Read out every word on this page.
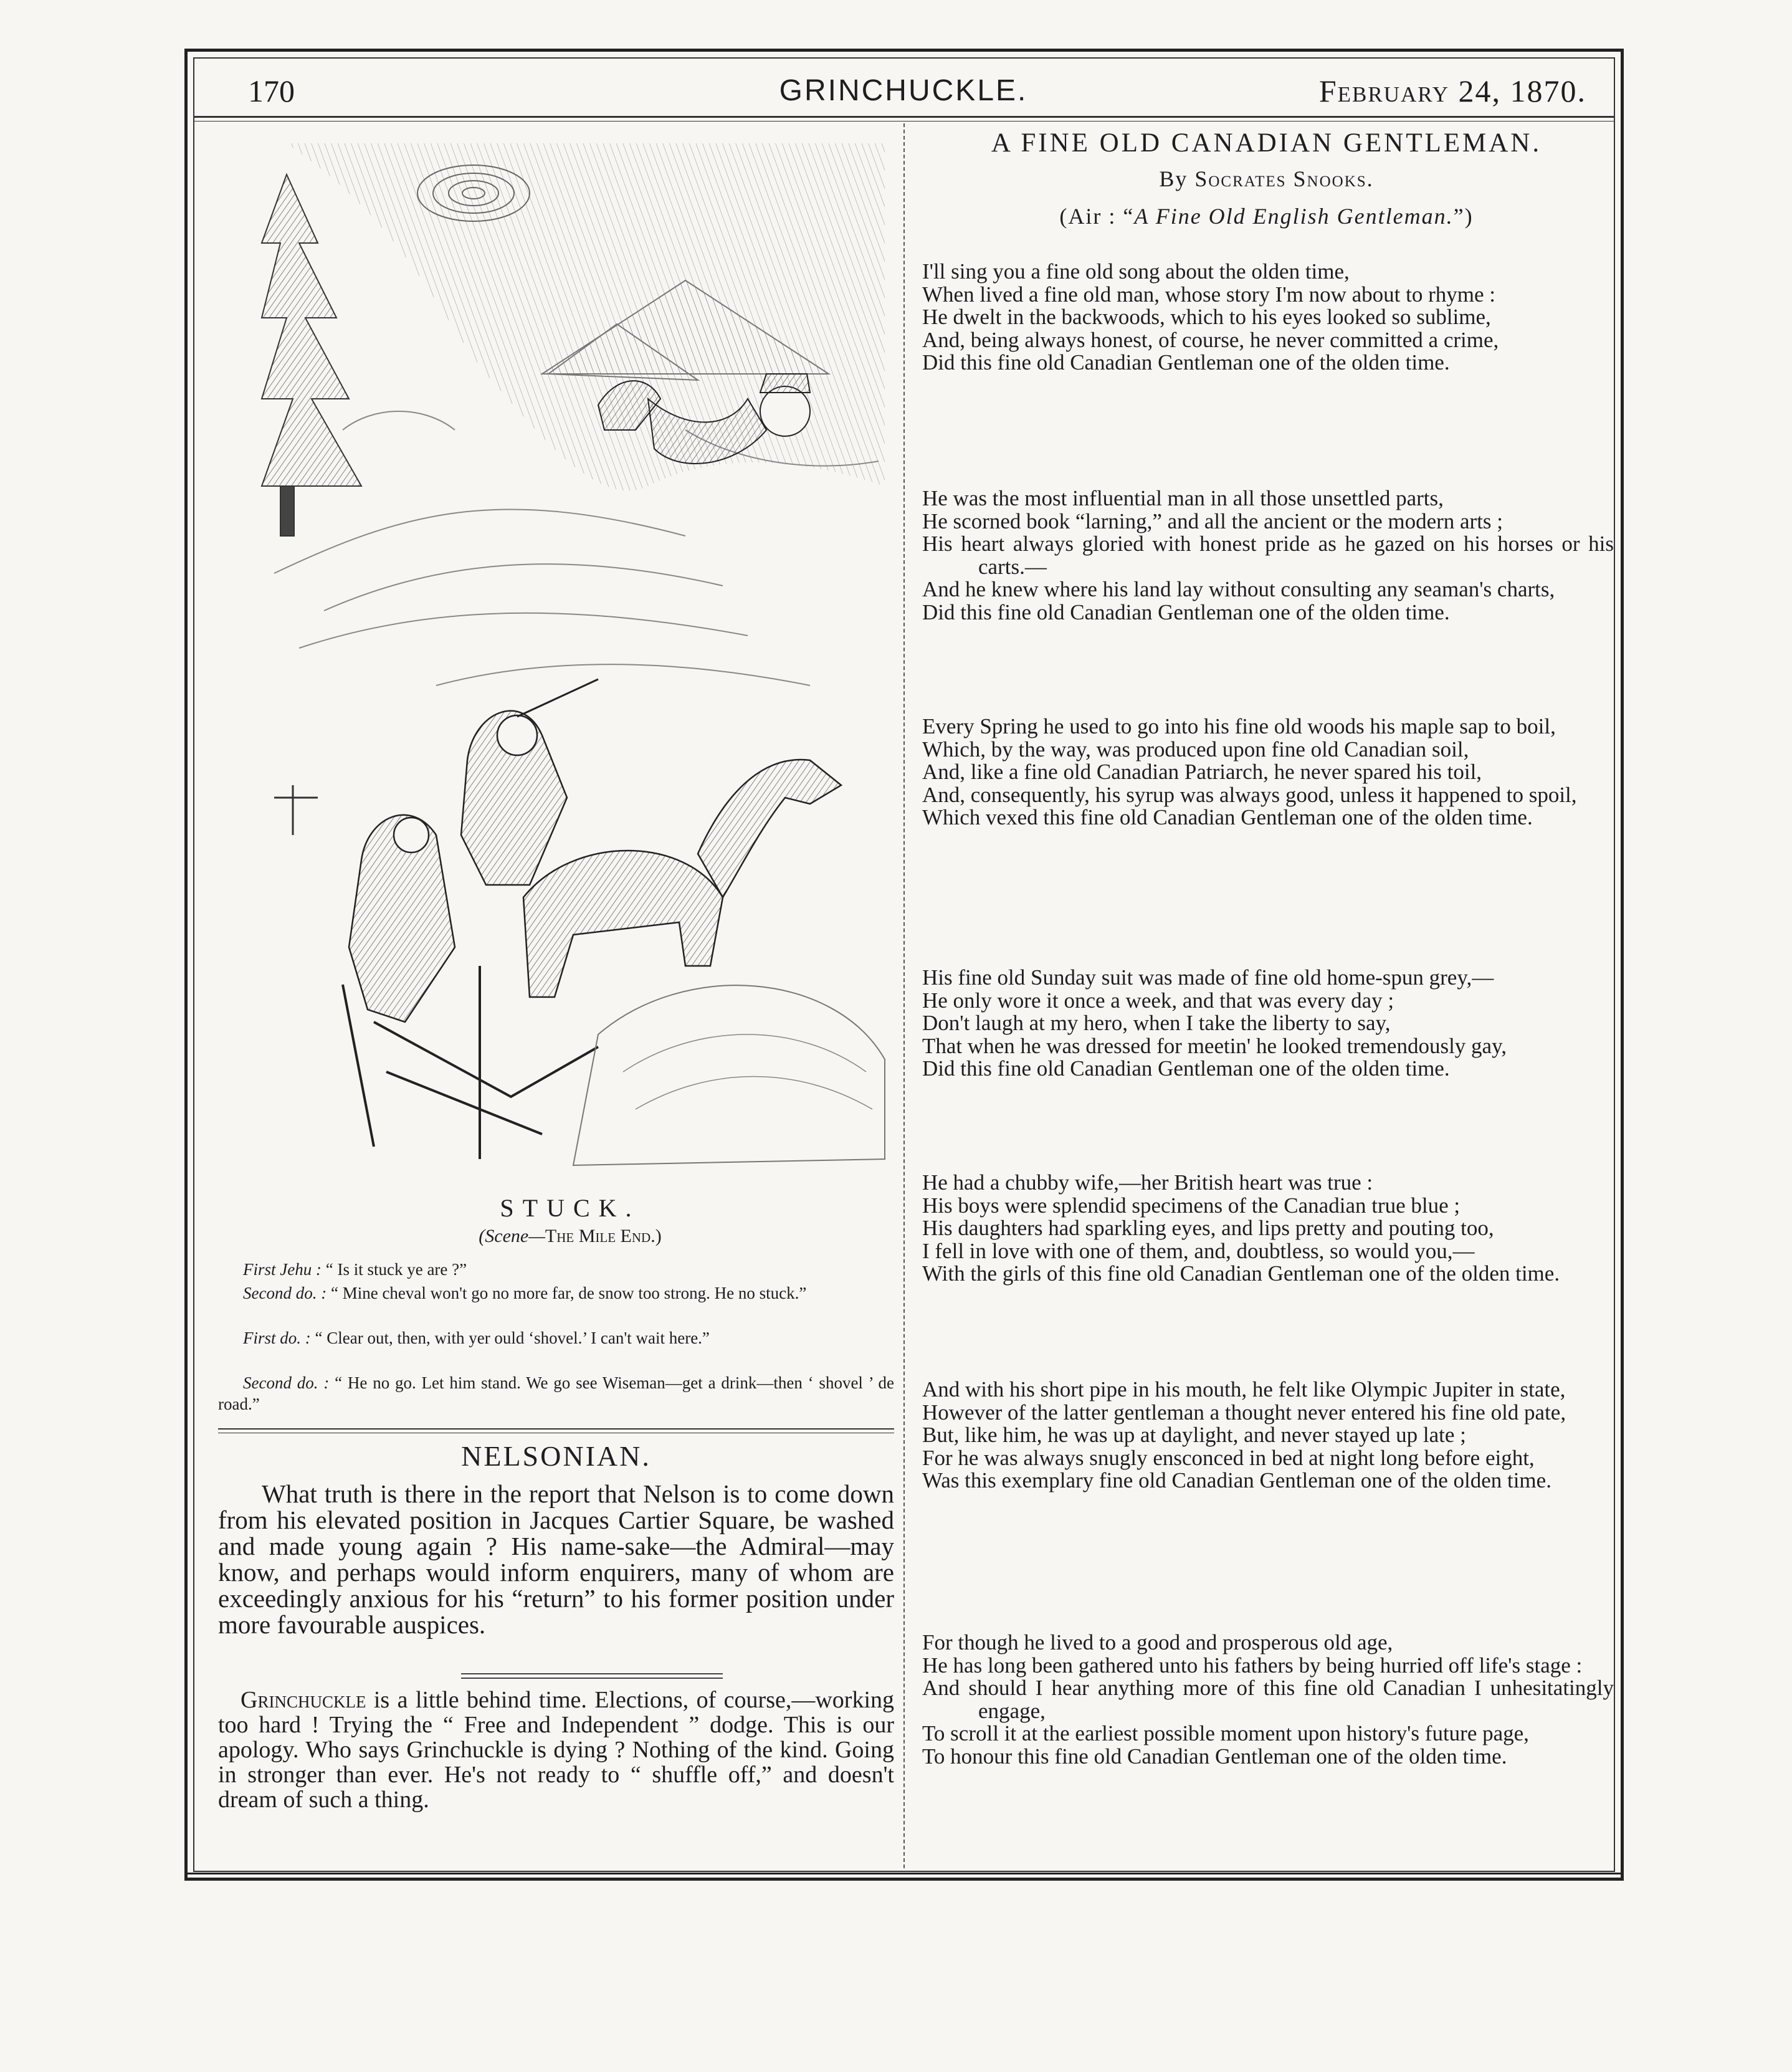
170	GRINCHUCKLE.	February 24, 1870.
STUCK.
(Scene—The Mile End.)

First Jehu : “ Is it stuck ye are ?”

Second do. : “ Mine cheval won't go no more far, de snow too strong. He no stuck.”

First do. : “ Clear out, then, with yer ould ‘shovel.’ I can't wait here.”

Second do. : “ He no go. Let him stand. We go see Wiseman—get a drink—then ‘ shovel ’ de road.”

NELSONIAN.

What truth is there in the report that Nelson is to come down from his elevated position in Jacques Cartier Square, be washed and made young again ? His name-sake—the Admiral—may know, and perhaps would inform enquirers, many of whom are exceedingly anxious for his “return” to his former position under more favourable auspices.

Grinchuckle is a little behind time. Elections, of course,—working too hard ! Trying the “ Free and Independent ” dodge. This is our apology. Who says Grinchuckle is dying ? Nothing of the kind. Going in stronger than ever. He's not ready to “ shuffle off,” and doesn't dream of such a thing.

A FINE OLD CANADIAN GENTLEMAN.
By Socrates Snooks.
(Air : “A Fine Old English Gentleman.”)
I'll sing you a fine old song about the olden time,
When lived a fine old man, whose story I'm now about to rhyme :
He dwelt in the backwoods, which to his eyes looked so sublime,
And, being always honest, of course, he never committed a crime,
Did this fine old Canadian Gentleman one of the olden time.
He was the most influential man in all those unsettled parts,
He scorned book “larning,” and all the ancient or the modern arts ;
His heart always gloried with honest pride as he gazed on his horses or his carts.—
And he knew where his land lay without consulting any seaman's charts,
Did this fine old Canadian Gentleman one of the olden time.
Every Spring he used to go into his fine old woods his maple sap to boil,
Which, by the way, was produced upon fine old Canadian soil,
And, like a fine old Canadian Patriarch, he never spared his toil,
And, consequently, his syrup was always good, unless it happened to spoil,
Which vexed this fine old Canadian Gentleman one of the olden time.
His fine old Sunday suit was made of fine old home-spun grey,—
He only wore it once a week, and that was every day ;
Don't laugh at my hero, when I take the liberty to say,
That when he was dressed for meetin' he looked tremendously gay,
Did this fine old Canadian Gentleman one of the olden time.
He had a chubby wife,—her British heart was true :
His boys were splendid specimens of the Canadian true blue ;
His daughters had sparkling eyes, and lips pretty and pouting too,
I fell in love with one of them, and, doubtless, so would you,—
With the girls of this fine old Canadian Gentleman one of the olden time.
And with his short pipe in his mouth, he felt like Olympic Jupiter in state,
However of the latter gentleman a thought never entered his fine old pate,
But, like him, he was up at daylight, and never stayed up late ;
For he was always snugly ensconced in bed at night long before eight,
Was this exemplary fine old Canadian Gentleman one of the olden time.
For though he lived to a good and prosperous old age,
He has long been gathered unto his fathers by being hurried off life's stage :
And should I hear anything more of this fine old Canadian I unhesitatingly engage,
To scroll it at the earliest possible moment upon history's future page,
To honour this fine old Canadian Gentleman one of the olden time.
